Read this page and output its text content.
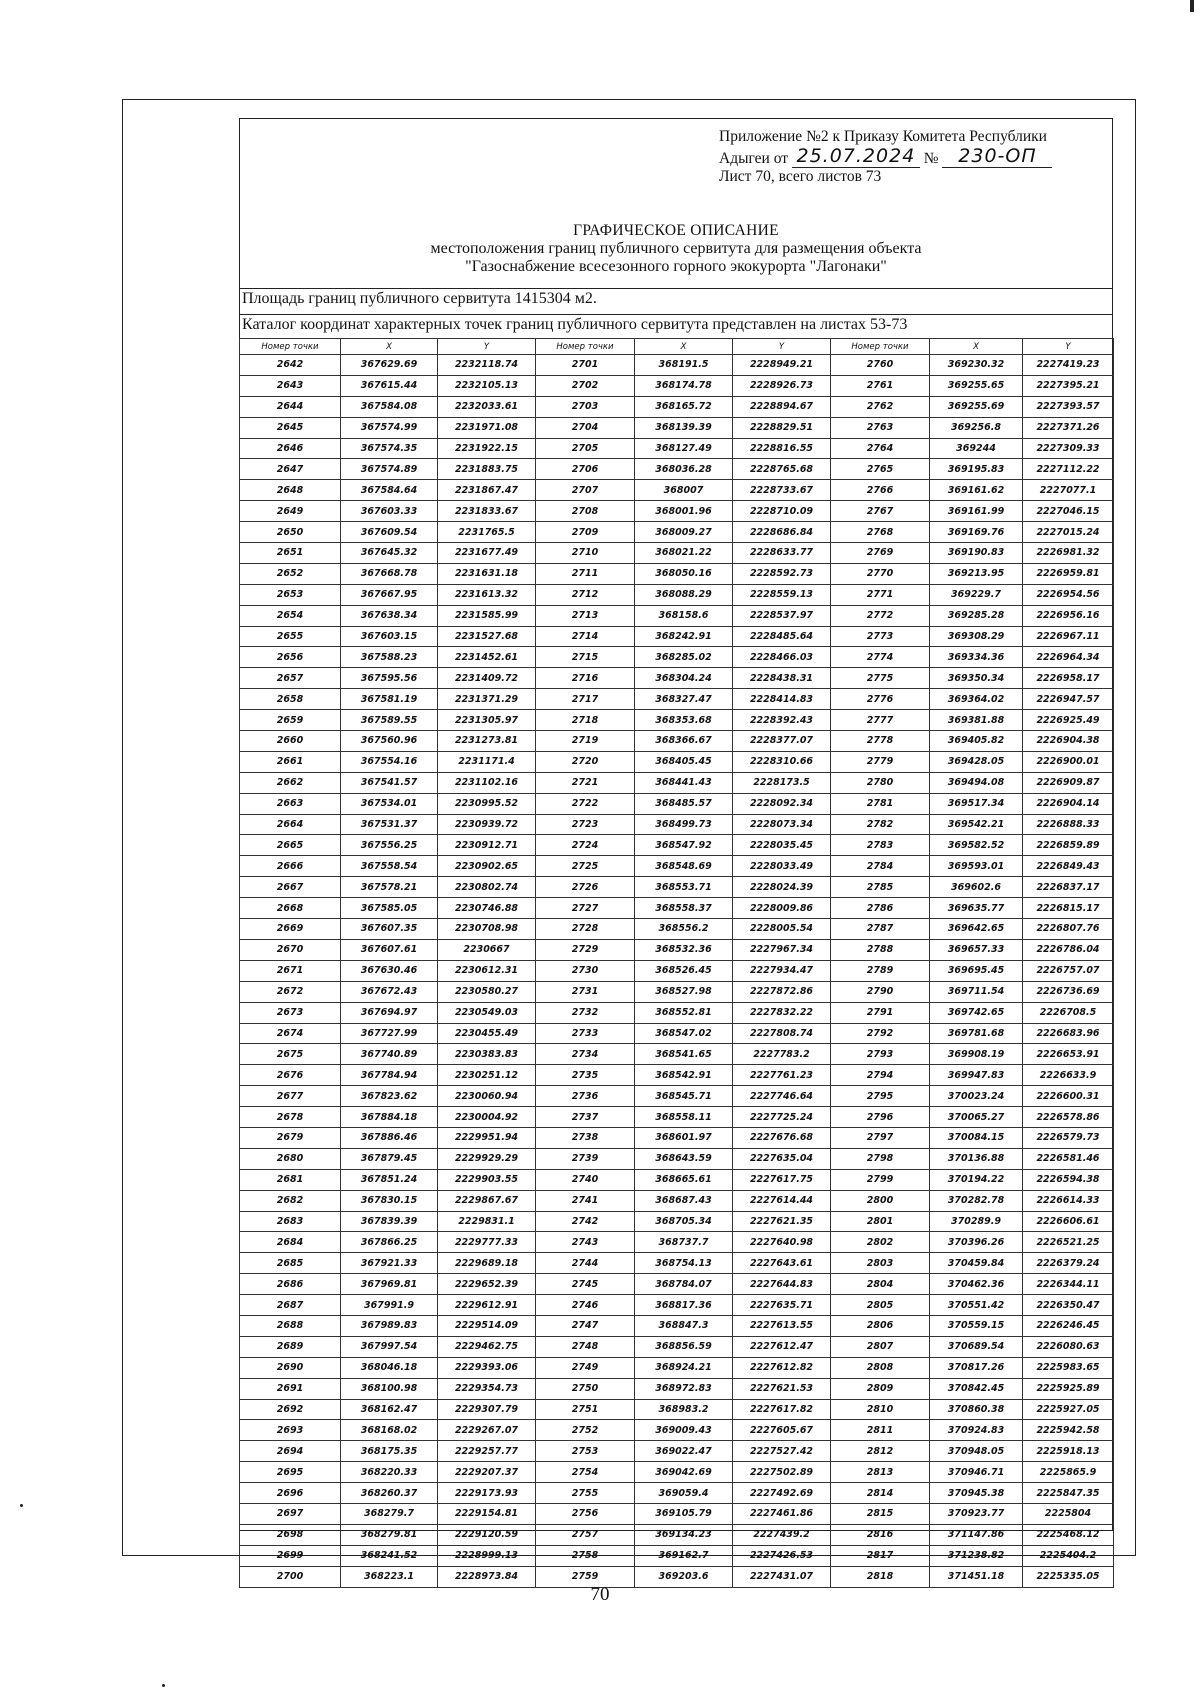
Приложение №2 к Приказу Комитета Республики
Адыгеи от 25.07.2024 № 230-ОП
Лист 70, всего листов 73
ГРАФИЧЕСКОЕ ОПИСАНИЕ
местоположения границ публичного сервитута для размещения объекта
"Газоснабжение всесезонного горного экокурорта "Лагонаки"
Площадь границ публичного сервитута 1415304 м2.
Каталог координат характерных точек границ публичного сервитута представлен на листах 53-73
Номер точки	X	Y	Номер точки	X	Y	Номер точки	X	Y
2642	367629.69	2232118.74	2701	368191.5	2228949.21	2760	369230.32	2227419.23
2643	367615.44	2232105.13	2702	368174.78	2228926.73	2761	369255.65	2227395.21
2644	367584.08	2232033.61	2703	368165.72	2228894.67	2762	369255.69	2227393.57
2645	367574.99	2231971.08	2704	368139.39	2228829.51	2763	369256.8	2227371.26
2646	367574.35	2231922.15	2705	368127.49	2228816.55	2764	369244	2227309.33
2647	367574.89	2231883.75	2706	368036.28	2228765.68	2765	369195.83	2227112.22
2648	367584.64	2231867.47	2707	368007	2228733.67	2766	369161.62	2227077.1
2649	367603.33	2231833.67	2708	368001.96	2228710.09	2767	369161.99	2227046.15
2650	367609.54	2231765.5	2709	368009.27	2228686.84	2768	369169.76	2227015.24
2651	367645.32	2231677.49	2710	368021.22	2228633.77	2769	369190.83	2226981.32
2652	367668.78	2231631.18	2711	368050.16	2228592.73	2770	369213.95	2226959.81
2653	367667.95	2231613.32	2712	368088.29	2228559.13	2771	369229.7	2226954.56
2654	367638.34	2231585.99	2713	368158.6	2228537.97	2772	369285.28	2226956.16
2655	367603.15	2231527.68	2714	368242.91	2228485.64	2773	369308.29	2226967.11
2656	367588.23	2231452.61	2715	368285.02	2228466.03	2774	369334.36	2226964.34
2657	367595.56	2231409.72	2716	368304.24	2228438.31	2775	369350.34	2226958.17
2658	367581.19	2231371.29	2717	368327.47	2228414.83	2776	369364.02	2226947.57
2659	367589.55	2231305.97	2718	368353.68	2228392.43	2777	369381.88	2226925.49
2660	367560.96	2231273.81	2719	368366.67	2228377.07	2778	369405.82	2226904.38
2661	367554.16	2231171.4	2720	368405.45	2228310.66	2779	369428.05	2226900.01
2662	367541.57	2231102.16	2721	368441.43	2228173.5	2780	369494.08	2226909.87
2663	367534.01	2230995.52	2722	368485.57	2228092.34	2781	369517.34	2226904.14
2664	367531.37	2230939.72	2723	368499.73	2228073.34	2782	369542.21	2226888.33
2665	367556.25	2230912.71	2724	368547.92	2228035.45	2783	369582.52	2226859.89
2666	367558.54	2230902.65	2725	368548.69	2228033.49	2784	369593.01	2226849.43
2667	367578.21	2230802.74	2726	368553.71	2228024.39	2785	369602.6	2226837.17
2668	367585.05	2230746.88	2727	368558.37	2228009.86	2786	369635.77	2226815.17
2669	367607.35	2230708.98	2728	368556.2	2228005.54	2787	369642.65	2226807.76
2670	367607.61	2230667	2729	368532.36	2227967.34	2788	369657.33	2226786.04
2671	367630.46	2230612.31	2730	368526.45	2227934.47	2789	369695.45	2226757.07
2672	367672.43	2230580.27	2731	368527.98	2227872.86	2790	369711.54	2226736.69
2673	367694.97	2230549.03	2732	368552.81	2227832.22	2791	369742.65	2226708.5
2674	367727.99	2230455.49	2733	368547.02	2227808.74	2792	369781.68	2226683.96
2675	367740.89	2230383.83	2734	368541.65	2227783.2	2793	369908.19	2226653.91
2676	367784.94	2230251.12	2735	368542.91	2227761.23	2794	369947.83	2226633.9
2677	367823.62	2230060.94	2736	368545.71	2227746.64	2795	370023.24	2226600.31
2678	367884.18	2230004.92	2737	368558.11	2227725.24	2796	370065.27	2226578.86
2679	367886.46	2229951.94	2738	368601.97	2227676.68	2797	370084.15	2226579.73
2680	367879.45	2229929.29	2739	368643.59	2227635.04	2798	370136.88	2226581.46
2681	367851.24	2229903.55	2740	368665.61	2227617.75	2799	370194.22	2226594.38
2682	367830.15	2229867.67	2741	368687.43	2227614.44	2800	370282.78	2226614.33
2683	367839.39	2229831.1	2742	368705.34	2227621.35	2801	370289.9	2226606.61
2684	367866.25	2229777.33	2743	368737.7	2227640.98	2802	370396.26	2226521.25
2685	367921.33	2229689.18	2744	368754.13	2227643.61	2803	370459.84	2226379.24
2686	367969.81	2229652.39	2745	368784.07	2227644.83	2804	370462.36	2226344.11
2687	367991.9	2229612.91	2746	368817.36	2227635.71	2805	370551.42	2226350.47
2688	367989.83	2229514.09	2747	368847.3	2227613.55	2806	370559.15	2226246.45
2689	367997.54	2229462.75	2748	368856.59	2227612.47	2807	370689.54	2226080.63
2690	368046.18	2229393.06	2749	368924.21	2227612.82	2808	370817.26	2225983.65
2691	368100.98	2229354.73	2750	368972.83	2227621.53	2809	370842.45	2225925.89
2692	368162.47	2229307.79	2751	368983.2	2227617.82	2810	370860.38	2225927.05
2693	368168.02	2229267.07	2752	369009.43	2227605.67	2811	370924.83	2225942.58
2694	368175.35	2229257.77	2753	369022.47	2227527.42	2812	370948.05	2225918.13
2695	368220.33	2229207.37	2754	369042.69	2227502.89	2813	370946.71	2225865.9
2696	368260.37	2229173.93	2755	369059.4	2227492.69	2814	370945.38	2225847.35
2697	368279.7	2229154.81	2756	369105.79	2227461.86	2815	370923.77	2225804
2698	368279.81	2229120.59	2757	369134.23	2227439.2	2816	371147.86	2225468.12
2699	368241.52	2228999.13	2758	369162.7	2227426.53	2817	371238.82	2225404.2
2700	368223.1	2228973.84	2759	369203.6	2227431.07	2818	371451.18	2225335.05
70
